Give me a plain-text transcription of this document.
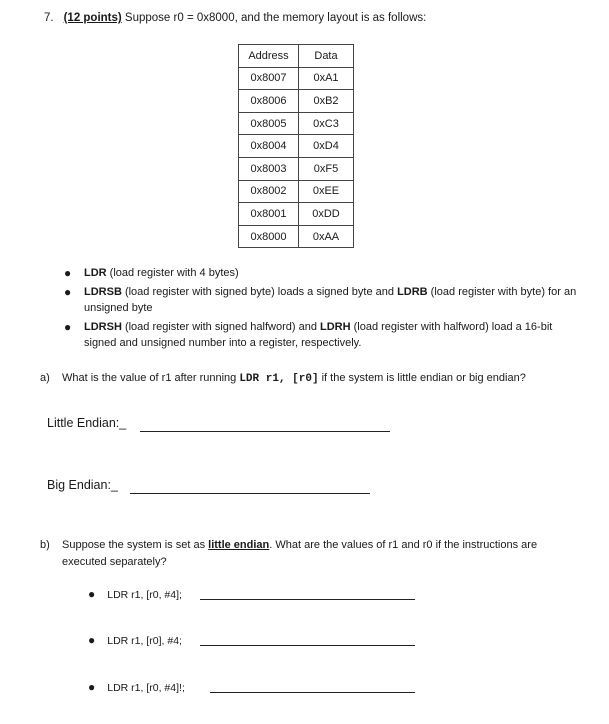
7. (12 points) Suppose r0 = 0x8000, and the memory layout is as follows:
Address	Data
0x8007	0xA1
0x8006	0xB2
0x8005	0xC3
0x8004	0xD4
0x8003	0xF5
0x8002	0xEE
0x8001	0xDD
0x8000	0xAA
● LDR (load register with 4 bytes)
● LDRSB (load register with signed byte) loads a signed byte and LDRB (load register with byte) for an unsigned byte
● LDRSH (load register with signed halfword) and LDRH (load register with halfword) load a 16-bit signed and unsigned number into a register, respectively.
a) What is the value of r1 after running LDR r1, [r0] if the system is little endian or big endian?
Little Endian:_
Big Endian:_
b) Suppose the system is set as little endian. What are the values of r1 and r0 if the instructions are executed separately?
● LDR r1, [r0, #4];
● LDR r1, [r0], #4;
● LDR r1, [r0, #4]!;
